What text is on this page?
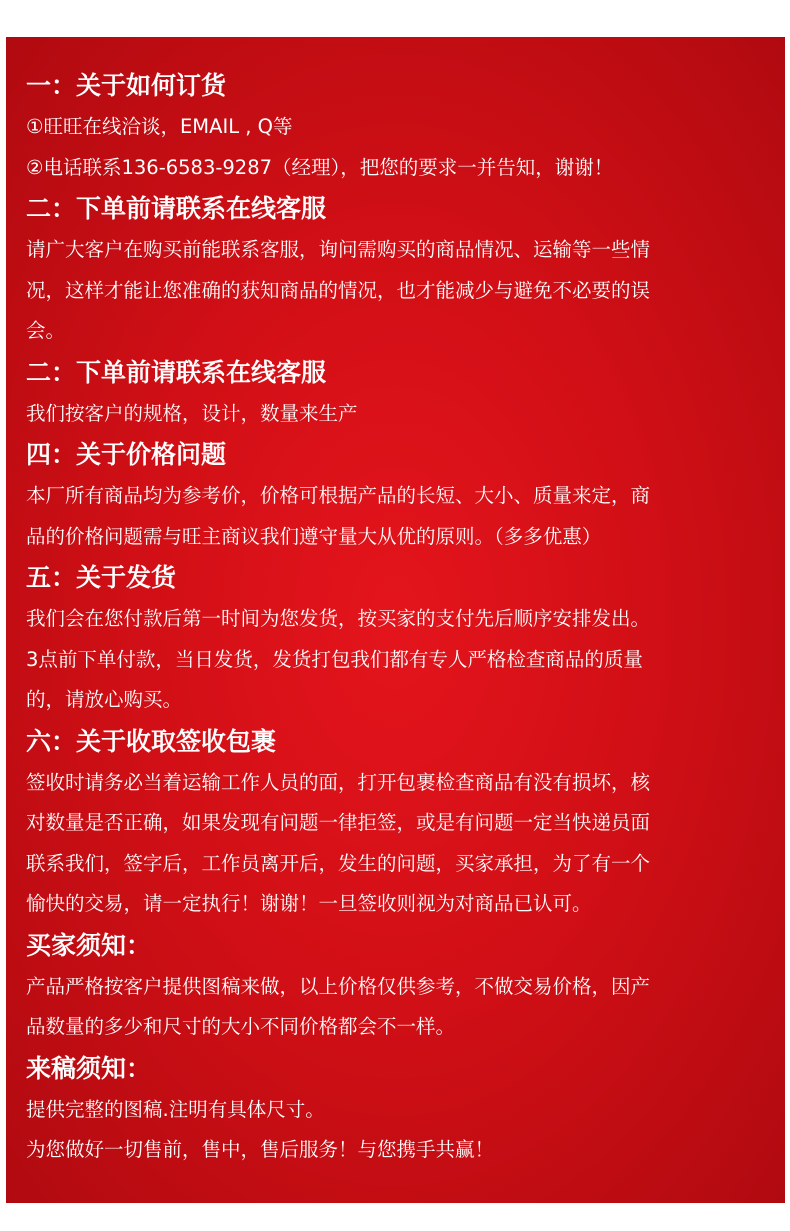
一：关于如何订货

①旺旺在线洽谈，EMAIL , Q等

②电话联系136-6583-9287（经理），把您的要求一并告知，谢谢！

二：下单前请联系在线客服

请广大客户在购买前能联系客服，询问需购买的商品情况、运输等一些情

况，这样才能让您准确的获知商品的情况，也才能减少与避免不必要的误

会。

二：下单前请联系在线客服

我们按客户的规格，设计，数量来生产

四：关于价格问题

本厂所有商品均为参考价，价格可根据产品的长短、大小、质量来定，商

品的价格问题需与旺主商议我们遵守量大从优的原则。（多多优惠）

五：关于发货

我们会在您付款后第一时间为您发货，按买家的支付先后顺序安排发出。

3点前下单付款，当日发货，发货打包我们都有专人严格检查商品的质量

的，请放心购买。

六：关于收取签收包裹

签收时请务必当着运输工作人员的面，打开包裹检查商品有没有损坏，核

对数量是否正确，如果发现有问题一律拒签，或是有问题一定当快递员面

联系我们，签字后，工作员离开后，发生的问题，买家承担，为了有一个

愉快的交易，请一定执行！谢谢！一旦签收则视为对商品已认可。

买家须知：

产品严格按客户提供图稿来做，以上价格仅供参考，不做交易价格，因产

品数量的多少和尺寸的大小不同价格都会不一样。

来稿须知：

提供完整的图稿.注明有具体尺寸。

为您做好一切售前，售中，售后服务！与您携手共赢！
